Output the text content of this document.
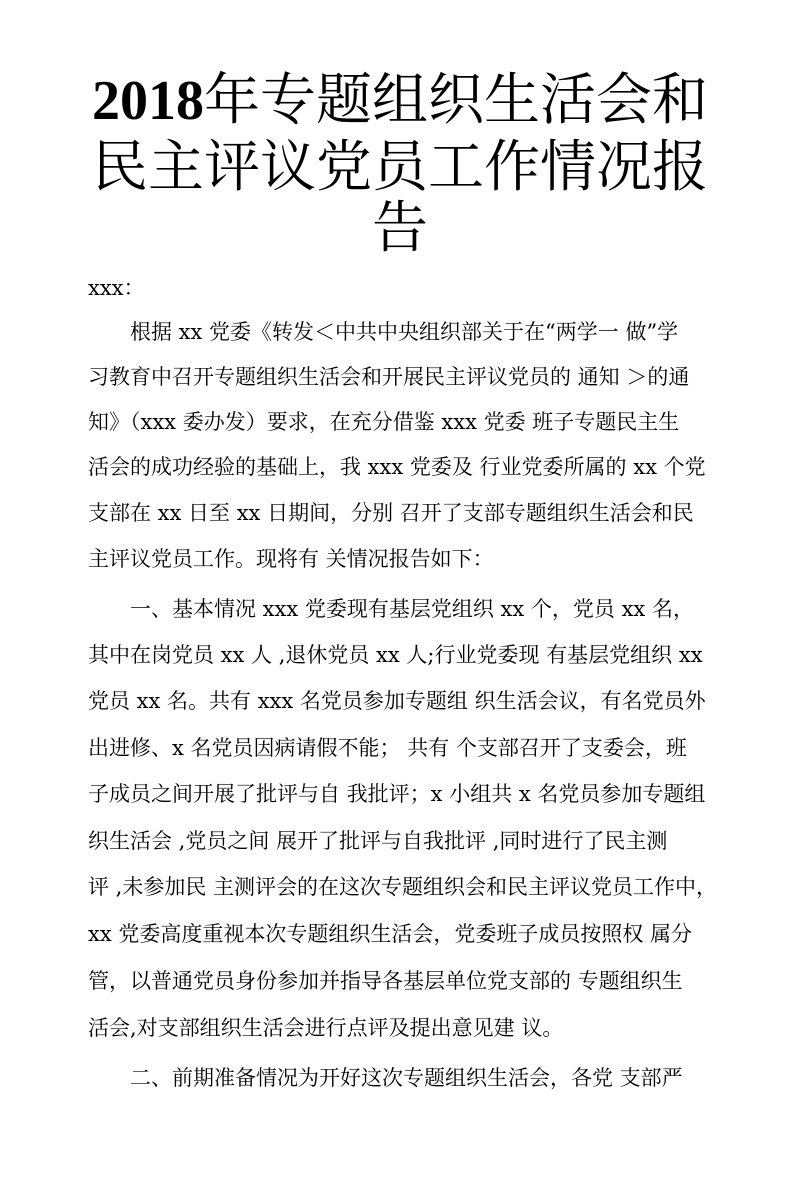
2018年专题组织生活会和
民主评议党员工作情况报
告
xxx：
　　根据 xx 党委《转发＜中共中央组织部关于在“两学一 做”学
习教育中召开专题组织生活会和开展民主评议党员的 通知 ＞的通
知》（xxx 委办发）要求，在充分借鉴 xxx 党委 班子专题民主生
活会的成功经验的基础上，我 xxx 党委及 行业党委所属的 xx 个党
支部在 xx 日至 xx 日期间，分别 召开了支部专题组织生活会和民
主评议党员工作。现将有 关情况报告如下：
　　一、基本情况 xxx 党委现有基层党组织 xx 个，党员 xx 名，
其中在岗党员 xx 人 ,退休党员 xx 人;行业党委现 有基层党组织 xx
党员 xx 名。共有 xxx 名党员参加专题组 织生活会议，有名党员外
出进修、x 名党员因病请假不能； 共有 个支部召开了支委会，班
子成员之间开展了批评与自 我批评；x 小组共 x 名党员参加专题组
织生活会 ,党员之间 展开了批评与自我批评 ,同时进行了民主测
评 ,未参加民 主测评会的在这次专题组织会和民主评议党员工作中，
xx 党委高度重视本次专题组织生活会，党委班子成员按照权 属分
管，以普通党员身份参加并指导各基层单位党支部的 专题组织生
活会,对支部组织生活会进行点评及提出意见建 议。
　　二、前期准备情况为开好这次专题组织生活会，各党 支部严
